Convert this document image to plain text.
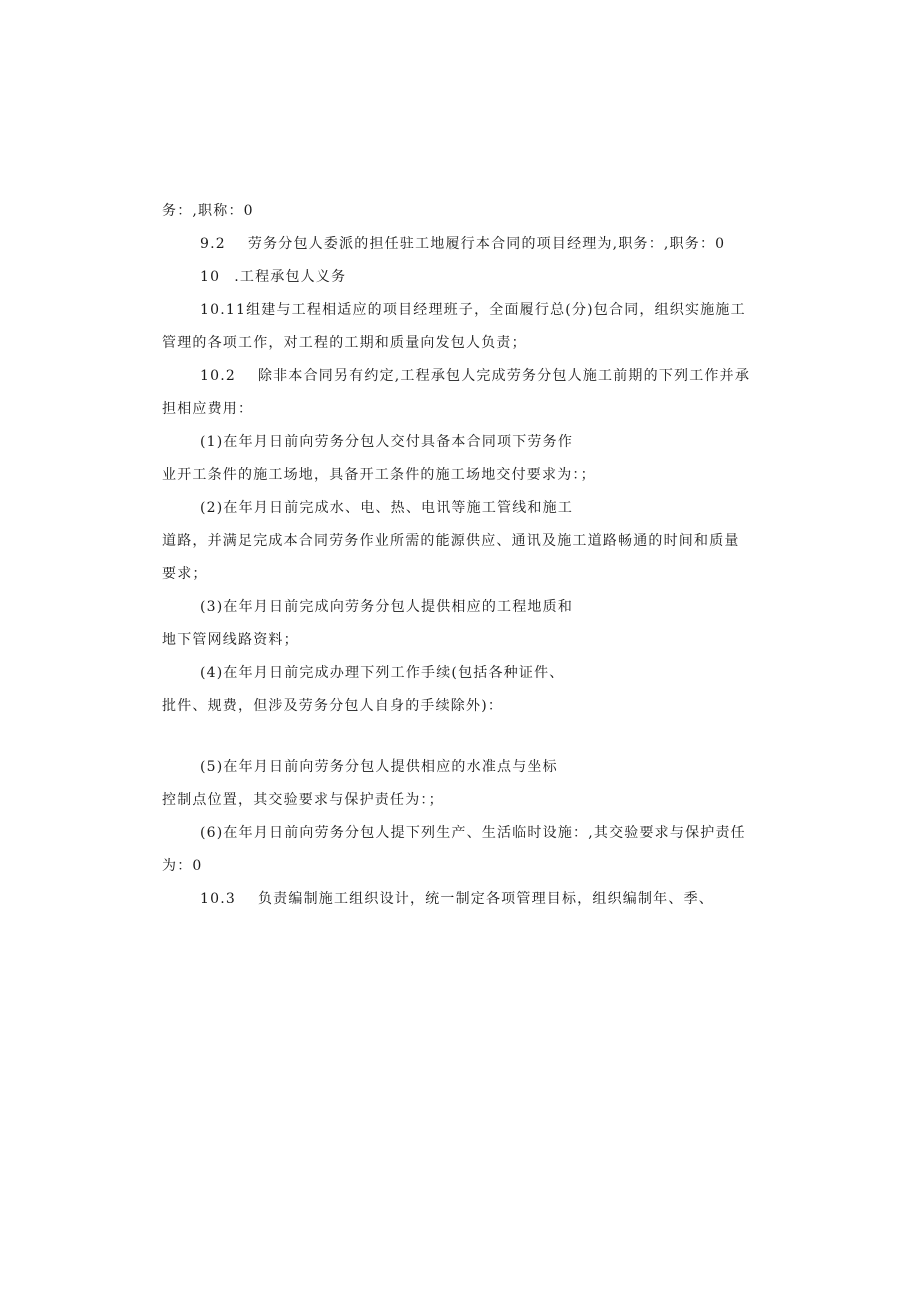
务：,职称：0
9.2 劳务分包人委派的担任驻工地履行本合同的项目经理为,职务：,职务：0
10 .工程承包人义务
10.11组建与工程相适应的项目经理班子，全面履行总(分)包合同，组织实施施工
管理的各项工作，对工程的工期和质量向发包人负责；
10.2 除非本合同另有约定,工程承包人完成劳务分包人施工前期的下列工作并承
担相应费用：
(1)在年月日前向劳务分包人交付具备本合同项下劳务作
业开工条件的施工场地，具备开工条件的施工场地交付要求为：；
(2)在年月日前完成水、电、热、电讯等施工管线和施工
道路，并满足完成本合同劳务作业所需的能源供应、通讯及施工道路畅通的时间和质量
要求；
(3)在年月日前完成向劳务分包人提供相应的工程地质和
地下管网线路资料；
(4)在年月日前完成办理下列工作手续(包括各种证件、
批件、规费，但涉及劳务分包人自身的手续除外)：
(5)在年月日前向劳务分包人提供相应的水准点与坐标
控制点位置，其交验要求与保护责任为：；
(6)在年月日前向劳务分包人提下列生产、生活临时设施：,其交验要求与保护责任
为：0
10.3 负责编制施工组织设计，统一制定各项管理目标，组织编制年、季、
